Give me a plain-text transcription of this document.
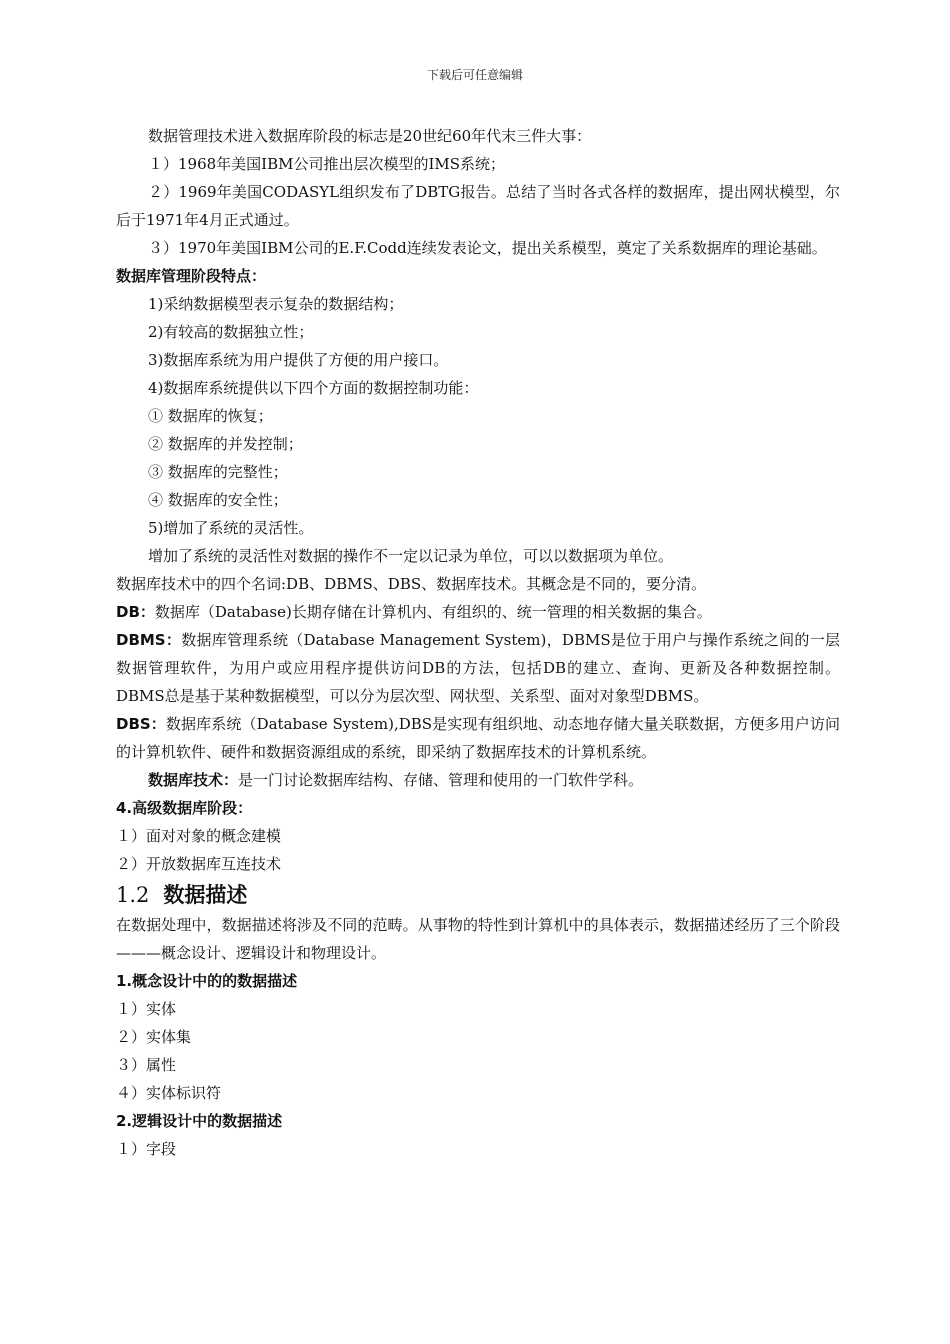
下载后可任意编辑
数据管理技术进入数据库阶段的标志是20世纪60年代末三件大事：
１）1968年美国IBM公司推出层次模型的IMS系统；
２）1969年美国CODASYL组织发布了DBTG报告。总结了当时各式各样的数据库，提出网状模型，尔后于1971年4月正式通过。
３）1970年美国IBM公司的E.F.Codd连续发表论文，提出关系模型，奠定了关系数据库的理论基础。
数据库管理阶段特点：
1)采纳数据模型表示复杂的数据结构；
2)有较高的数据独立性；
3)数据库系统为用户提供了方便的用户接口。
4)数据库系统提供以下四个方面的数据控制功能：
① 数据库的恢复；
② 数据库的并发控制；
③ 数据库的完整性；
④ 数据库的安全性；
5)增加了系统的灵活性。
增加了系统的灵活性对数据的操作不一定以记录为单位，可以以数据项为单位。
数据库技术中的四个名词:DB、DBMS、DBS、数据库技术。其概念是不同的，要分清。
DB：数据库（Database)长期存储在计算机内、有组织的、统一管理的相关数据的集合。
DBMS：数据库管理系统（Database Management System)，DBMS是位于用户与操作系统之间的一层数据管理软件，为用户或应用程序提供访问DB的方法，包括DB的建立、查询、更新及各种数据控制。DBMS总是基于某种数据模型，可以分为层次型、网状型、关系型、面对对象型DBMS。
DBS：数据库系统（Database System),DBS是实现有组织地、动态地存储大量关联数据，方便多用户访问的计算机软件、硬件和数据资源组成的系统，即采纳了数据库技术的计算机系统。
数据库技术：是一门讨论数据库结构、存储、管理和使用的一门软件学科。
4.高级数据库阶段：
１）面对对象的概念建模
２）开放数据库互连技术
1.2 数据描述
在数据处理中，数据描述将涉及不同的范畴。从事物的特性到计算机中的具体表示，数据描述经历了三个阶段———概念设计、逻辑设计和物理设计。
1.概念设计中的的数据描述
１）实体
２）实体集
３）属性
４）实体标识符
2.逻辑设计中的数据描述
１）字段
